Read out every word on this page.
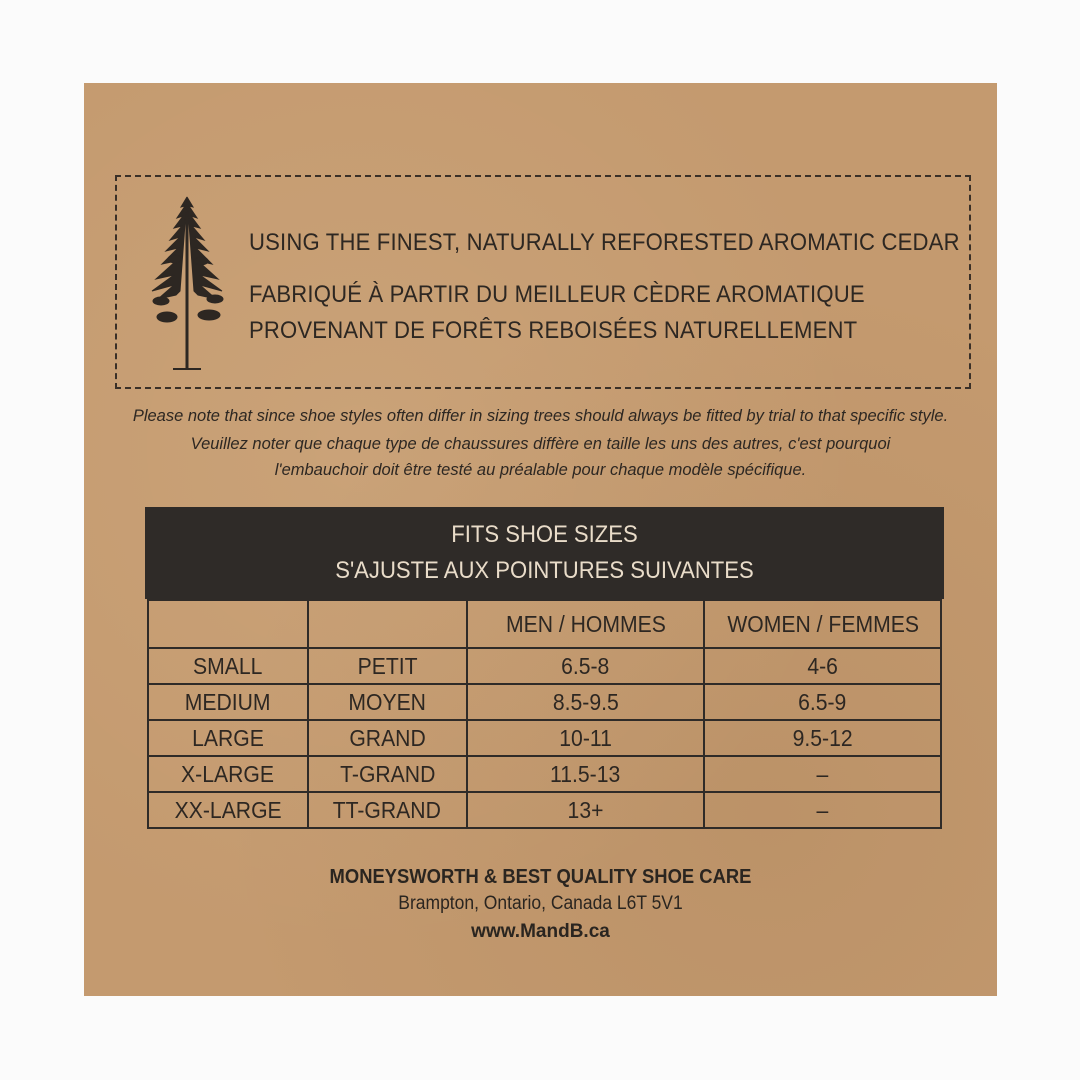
USING THE FINEST, NATURALLY REFORESTED AROMATIC CEDAR
FABRIQUÉ À PARTIR DU MEILLEUR CÈDRE AROMATIQUE
PROVENANT DE FORÊTS REBOISÉES NATURELLEMENT
Please note that since shoe styles often differ in sizing trees should always be fitted by trial to that specific style.
Veuillez noter que chaque type de chaussures diffère en taille les uns des autres, c'est pourquoi
l'embauchoir doit être testé au préalable pour chaque modèle spécifique.
FITS SHOE SIZES
S'AJUSTE AUX POINTURES SUIVANTES
		MEN / HOMMES	WOMEN / FEMMES
SMALL	PETIT	6.5-8	4-6
MEDIUM	MOYEN	8.5-9.5	6.5-9
LARGE	GRAND	10-11	9.5-12
X-LARGE	T-GRAND	11.5-13	–
XX-LARGE	TT-GRAND	13+	–
MONEYSWORTH & BEST QUALITY SHOE CARE
Brampton, Ontario, Canada L6T 5V1
www.MandB.ca
